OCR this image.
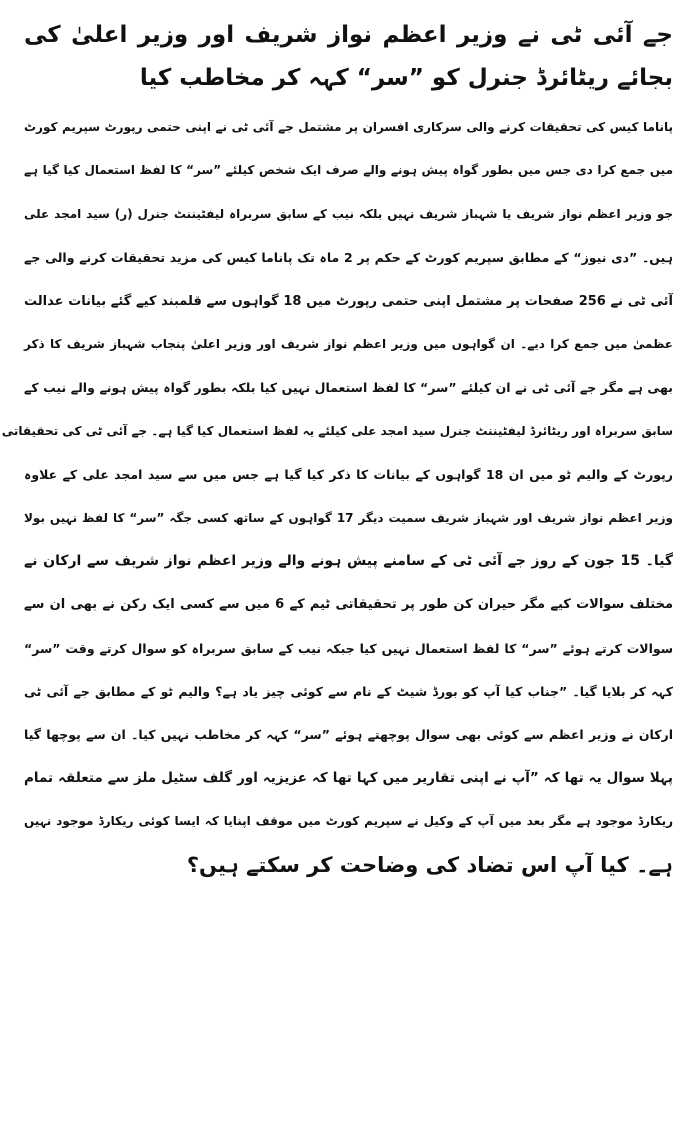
جے آئی ٹی نے وزیر اعظم نواز شریف اور وزیر اعلیٰ کی بجائے ریٹائرڈ جنرل کو ”سر“ کہہ کر مخاطب کیا
پاناما کیس کی تحقیقات کرنے والی سرکاری افسران پر مشتمل جے آئی ٹی نے اپنی حتمی رپورٹ سپریم کورٹ
میں جمع کرا دی جس میں بطور گواہ پیش ہونے والے صرف ایک شخص کیلئے ”سر“ کا لفظ استعمال کیا گیا ہے
جو وزیر اعظم نواز شریف یا شہباز شریف نہیں بلکہ نیب کے سابق سربراہ لیفٹیننٹ جنرل (ر) سید امجد علی
ہیں۔ ”دی نیوز“ کے مطابق سپریم کورٹ کے حکم پر 2 ماہ تک پاناما کیس کی مزید تحقیقات کرنے والی جے
آئی ٹی نے 256 صفحات پر مشتمل اپنی حتمی رپورٹ میں 18 گواہوں سے قلمبند کیے گئے بیانات عدالت
عظمیٰ میں جمع کرا دیے۔ ان گواہوں میں وزیر اعظم نواز شریف اور وزیر اعلیٰ پنجاب شہباز شریف کا ذکر
بھی ہے مگر جے آئی ٹی نے ان کیلئے ”سر“ کا لفظ استعمال نہیں کیا بلکہ بطور گواہ پیش ہونے والے نیب کے
سابق سربراہ اور ریٹائرڈ لیفٹیننٹ جنرل سید امجد علی کیلئے یہ لفظ استعمال کیا گیا ہے۔ جے آئی ٹی کی تحقیقاتی
رپورٹ کے والیم ٹو میں ان 18 گواہوں کے بیانات کا ذکر کیا گیا ہے جس میں سے سید امجد علی کے علاوہ
وزیر اعظم نواز شریف اور شہباز شریف سمیت دیگر 17 گواہوں کے ساتھ کسی جگہ ”سر“ کا لفظ نہیں بولا
گیا۔ 15 جون کے روز جے آئی ٹی کے سامنے پیش ہونے والے وزیر اعظم نواز شریف سے ارکان نے
مختلف سوالات کیے مگر حیران کن طور پر تحقیقاتی ٹیم کے 6 میں سے کسی ایک رکن نے بھی ان سے
سوالات کرتے ہوئے ”سر“ کا لفظ استعمال نہیں کیا جبکہ نیب کے سابق سربراہ کو سوال کرتے وقت ”سر“
کہہ کر بلایا گیا۔ ”جناب کیا آپ کو بورڈ شیٹ کے نام سے کوئی چیز یاد ہے؟ والیم ٹو کے مطابق جے آئی ٹی
ارکان نے وزیر اعظم سے کوئی بھی سوال پوچھتے ہوئے ”سر“ کہہ کر مخاطب نہیں کیا۔ ان سے پوچھا گیا
پہلا سوال یہ تھا کہ ”آپ نے اپنی تقاریر میں کہا تھا کہ عزیزیہ اور گلف سٹیل ملز سے متعلقہ تمام
ریکارڈ موجود ہے مگر بعد میں آپ کے وکیل نے سپریم کورٹ میں موقف اپنایا کہ ایسا کوئی ریکارڈ موجود نہیں
ہے۔ کیا آپ اس تضاد کی وضاحت کر سکتے ہیں؟
